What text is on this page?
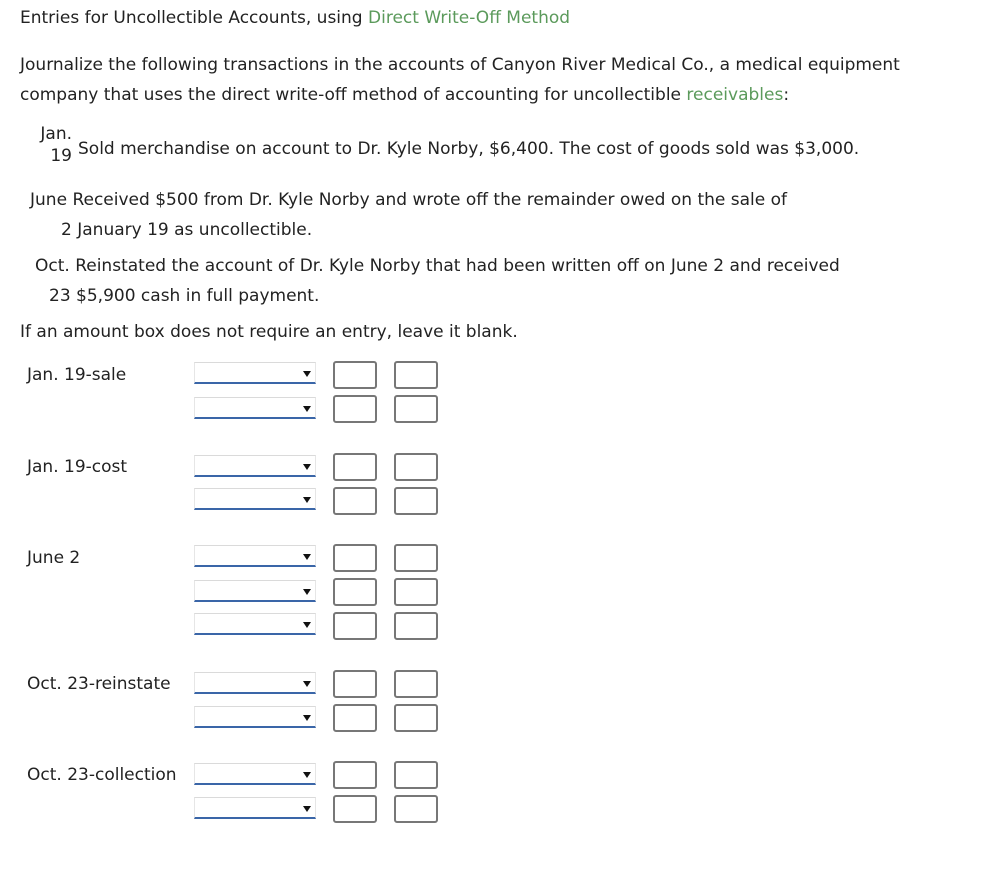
Entries for Uncollectible Accounts, using Direct Write-Off Method
Journalize the following transactions in the accounts of Canyon River Medical Co., a medical equipment company that uses the direct write-off method of accounting for uncollectible receivables:
Jan.
19 Sold merchandise on account to Dr. Kyle Norby, $6,400. The cost of goods sold was $3,000.
June Received $500 from Dr. Kyle Norby and wrote off the remainder owed on the sale of
2 January 19 as uncollectible.
Oct. Reinstated the account of Dr. Kyle Norby that had been written off on June 2 and received
23 $5,900 cash in full payment.
If an amount box does not require an entry, leave it blank.
Jan. 19-sale
Jan. 19-cost
June 2
Oct. 23-reinstate
Oct. 23-collection
